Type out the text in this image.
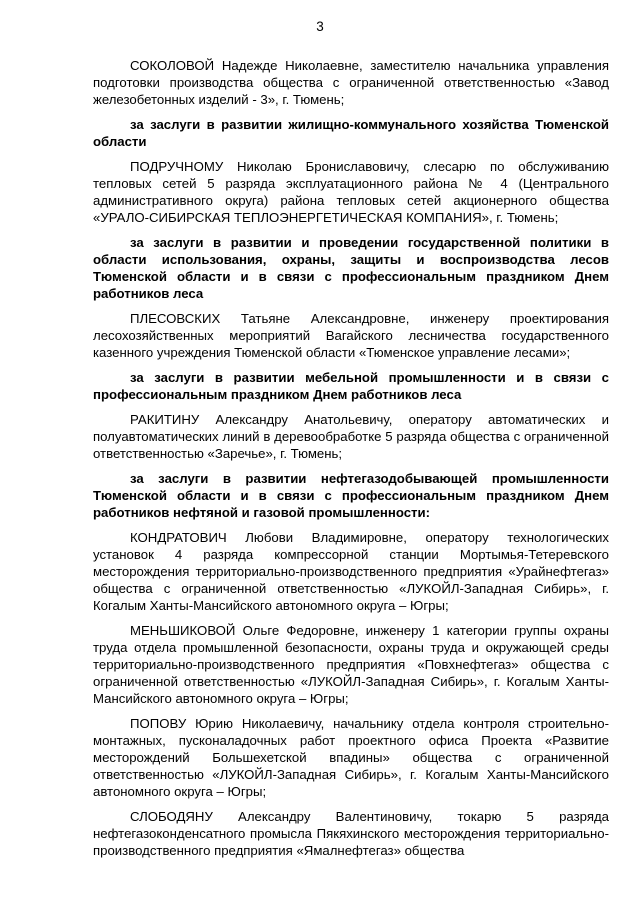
3

СОКОЛОВОЙ Надежде Николаевне, заместителю начальника управления подготовки производства общества с ограниченной ответственностью «Завод железобетонных изделий - 3», г. Тюмень;

за заслуги в развитии жилищно-коммунального хозяйства Тюменской области

ПОДРУЧНОМУ Николаю Брониславовичу, слесарю по обслуживанию тепловых сетей 5 разряда эксплуатационного района № 4 (Центрального административного округа) района тепловых сетей акционерного общества «УРАЛО-СИБИРСКАЯ ТЕПЛОЭНЕРГЕТИЧЕСКАЯ КОМПАНИЯ», г. Тюмень;

за заслуги в развитии и проведении государственной политики в области использования, охраны, защиты и воспроизводства лесов Тюменской области и в связи с профессиональным праздником Днем работников леса

ПЛЕСОВСКИХ Татьяне Александровне, инженеру проектирования лесохозяйственных мероприятий Вагайского лесничества государственного казенного учреждения Тюменской области «Тюменское управление лесами»;

за заслуги в развитии мебельной промышленности и в связи с профессиональным праздником Днем работников леса

РАКИТИНУ Александру Анатольевичу, оператору автоматических и полуавтоматических линий в деревообработке 5 разряда общества с ограниченной ответственностью «Заречье», г. Тюмень;

за заслуги в развитии нефтегазодобывающей промышленности Тюменской области и в связи с профессиональным праздником Днем работников нефтяной и газовой промышленности:

КОНДРАТОВИЧ Любови Владимировне, оператору технологических установок 4 разряда компрессорной станции Мортымья-Тетеревского месторождения территориально-производственного предприятия «Урайнефтегаз» общества с ограниченной ответственностью «ЛУКОЙЛ-Западная Сибирь», г. Когалым Ханты-Мансийского автономного округа – Югры;

МЕНЬШИКОВОЙ Ольге Федоровне, инженеру 1 категории группы охраны труда отдела промышленной безопасности, охраны труда и окружающей среды территориально-производственного предприятия «Повхнефтегаз» общества с ограниченной ответственностью «ЛУКОЙЛ-Западная Сибирь», г. Когалым Ханты-Мансийского автономного округа – Югры;

ПОПОВУ Юрию Николаевичу, начальнику отдела контроля строительно-монтажных, пусконаладочных работ проектного офиса Проекта «Развитие месторождений Большехетской впадины» общества с ограниченной ответственностью «ЛУКОЙЛ-Западная Сибирь», г. Когалым Ханты-Мансийского автономного округа – Югры;

СЛОБОДЯНУ Александру Валентиновичу, токарю 5 разряда нефтегазоконденсатного промысла Пякяхинского месторождения территориально-производственного предприятия «Ямалнефтегаз» общества
